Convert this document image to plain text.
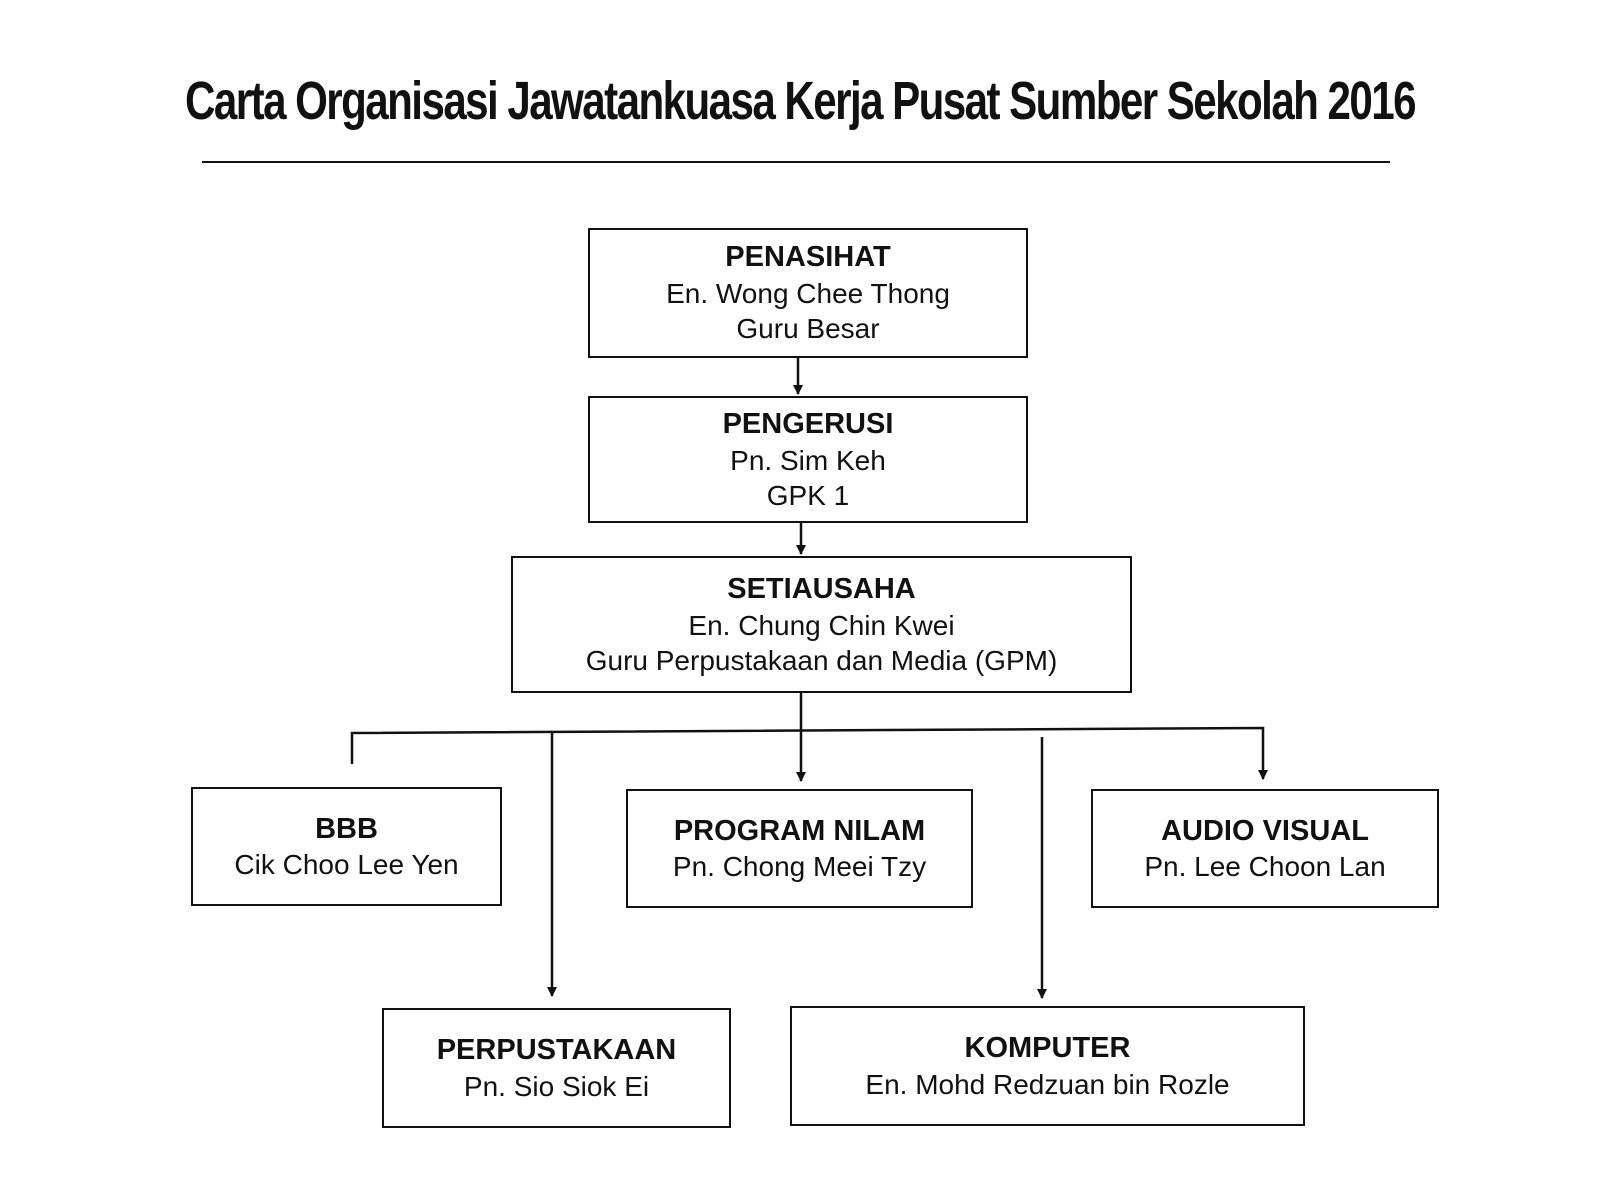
Carta Organisasi Jawatankuasa Kerja Pusat Sumber Sekolah 2016
PENASIHAT
En. Wong Chee Thong
Guru Besar
PENGERUSI
Pn. Sim Keh
GPK 1
SETIAUSAHA
En. Chung Chin Kwei
Guru Perpustakaan dan Media (GPM)
BBB
Cik Choo Lee Yen
PROGRAM NILAM
Pn. Chong Meei Tzy
AUDIO VISUAL
Pn. Lee Choon Lan
PERPUSTAKAAN
Pn. Sio Siok Ei
KOMPUTER
En. Mohd Redzuan bin Rozle
